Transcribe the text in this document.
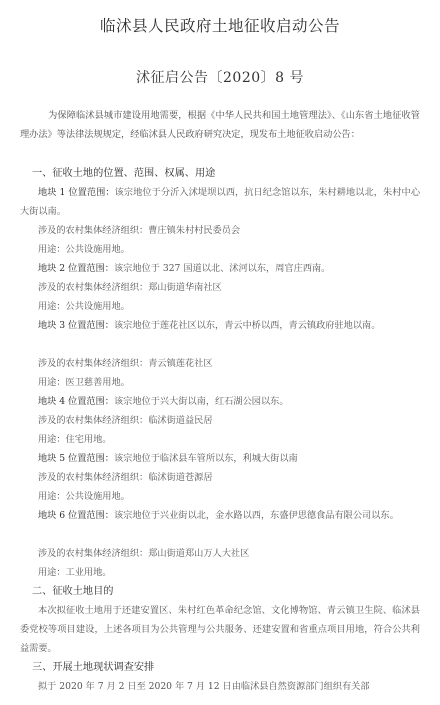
临沭县人民政府土地征收启动公告
沭征启公告〔2020〕8 号
为保障临沭县城市建设用地需要，根据《中华人民共和国土地管理法》、《山东省土地征收管理办法》等法律法规规定，经临沭县人民政府研究决定，现发布土地征收启动公告：
一、征收土地的位置、范围、权属、用途
地块 1 位置范围：该宗地位于分沂入沭堤坝以西，抗日纪念馆以东，朱村耕地以北，朱村中心大街以南。
涉及的农村集体经济组织：曹庄镇朱村村民委员会
用途：公共设施用地。
地块 2 位置范围：该宗地位于 327 国道以北、沭河以东，周官庄西南。
涉及的农村集体经济组织：郑山街道华南社区
用途：公共设施用地。
地块 3 位置范围：该宗地位于莲花社区以东，青云中桥以西，青云镇政府驻地以南。
涉及的农村集体经济组织：青云镇莲花社区
用途：医卫慈善用地。
地块 4 位置范围：该宗地位于兴大街以南，红石湖公园以东。
涉及的农村集体经济组织：临沭街道益民居
用途：住宅用地。
地块 5 位置范围：该宗地位于临沭县车管所以东，利城大街以南
涉及的农村集体经济组织：临沭街道苍源居
用途：公共设施用地。
地块 6 位置范围：该宗地位于兴业街以北，金水路以西，东盛伊思德食品有限公司以东。
涉及的农村集体经济组织：郑山街道郑山万人大社区
用途：工业用地。
二、征收土地目的
本次拟征收土地用于还建安置区、朱村红色革命纪念馆、文化博物馆、青云镇卫生院、临沭县委党校等项目建设，上述各项目为公共管理与公共服务、还建安置和省重点项目用地，符合公共利益需要。
三、开展土地现状调查安排
拟于 2020 年 7 月 2 日至 2020 年 7 月 12 日由临沭县自然资源部门组织有关部
